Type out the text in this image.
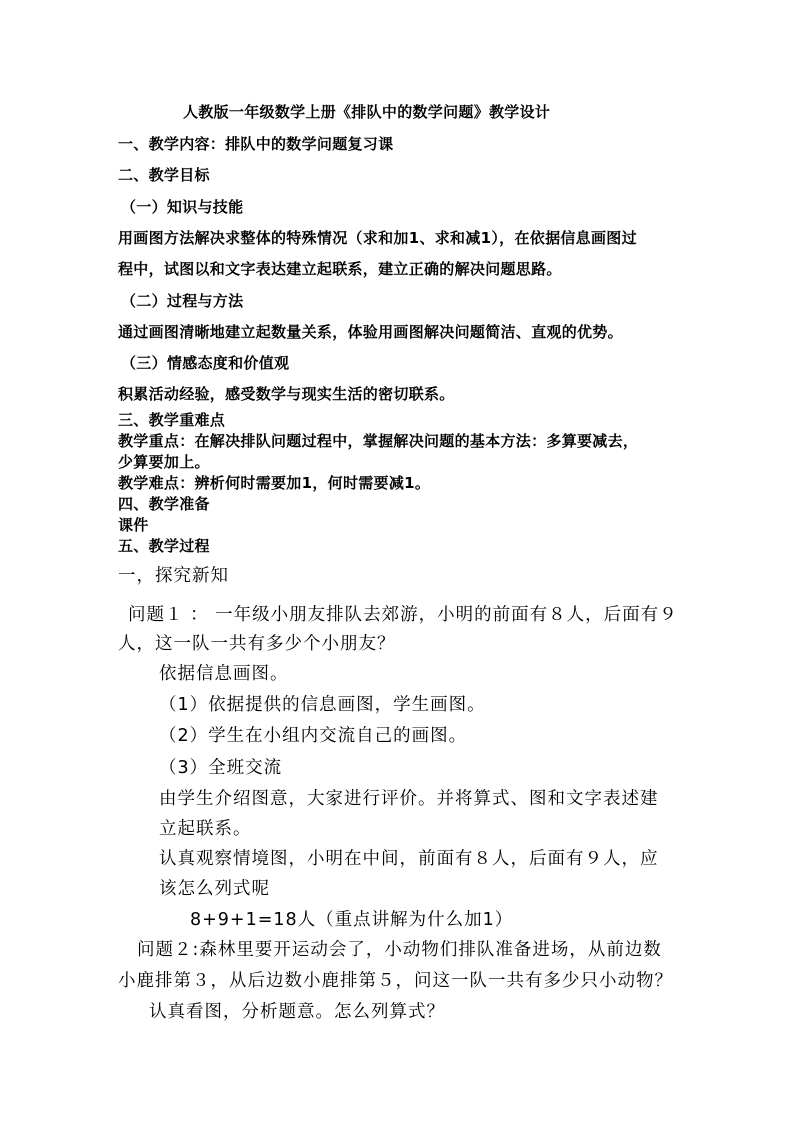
人教版一年级数学上册《排队中的数学问题》教学设计
一、教学内容：排队中的数学问题复习课
二、教学目标
（一）知识与技能
用画图方法解决求整体的特殊情况（求和加1、求和减1），在依据信息画图过
程中，试图以和文字表达建立起联系，建立正确的解决问题思路。
（二）过程与方法
通过画图清晰地建立起数量关系，体验用画图解决问题简洁、直观的优势。
（三）情感态度和价值观
积累活动经验，感受数学与现实生活的密切联系。
三、教学重难点
教学重点：在解决排队问题过程中，掌握解决问题的基本方法：多算要减去，
少算要加上。
教学难点：辨析何时需要加1，何时需要减1。
四、教学准备
课件
五、教学过程
一，探究新知
问题１ ： 一年级小朋友排队去郊游，小明的前面有８人，后面有９
人，这一队一共有多少个小朋友？
依据信息画图。
（1）依据提供的信息画图，学生画图。
（2）学生在小组内交流自己的画图。
（3）全班交流
由学生介绍图意，大家进行评价。并将算式、图和文字表述建
立起联系。
认真观察情境图，小明在中间，前面有８人，后面有９人，应
该怎么列式呢
8+9+1=18人（重点讲解为什么加1）
问题２:森林里要开运动会了，小动物们排队准备进场，从前边数
小鹿排第３，从后边数小鹿排第５，问这一队一共有多少只小动物？
认真看图，分析题意。怎么列算式？
